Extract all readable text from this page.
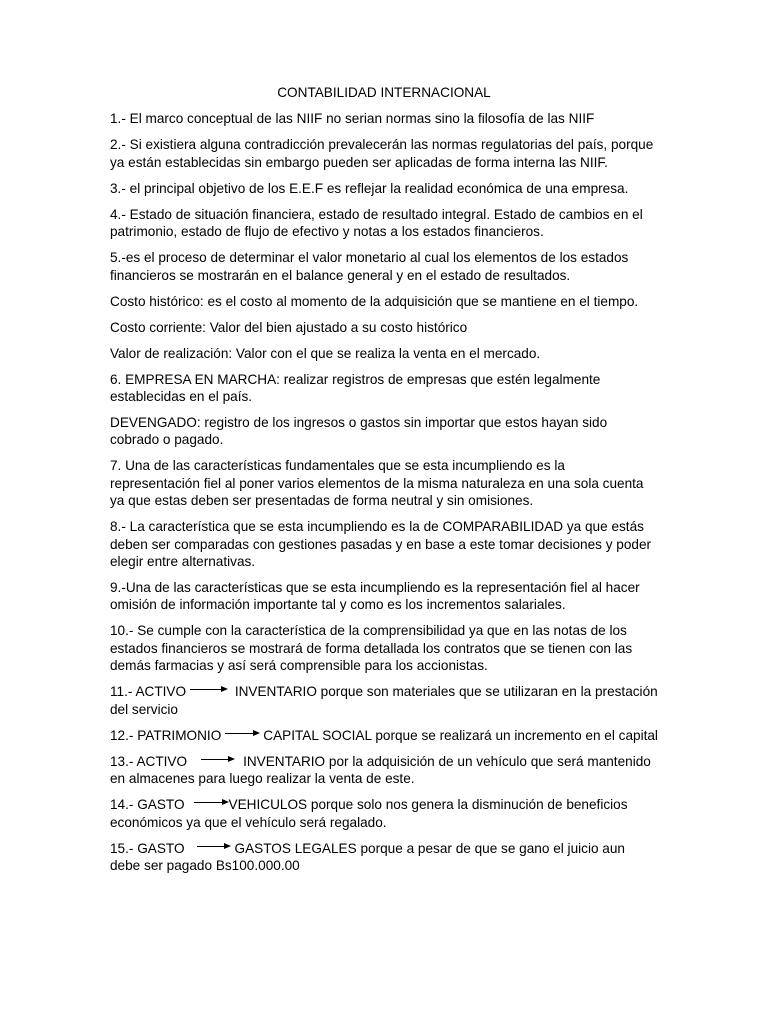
CONTABILIDAD INTERNACIONAL
1.- El marco conceptual de las NIIF no serian normas sino la filosofía de las NIIF
2.- Si existiera alguna contradicción prevalecerán las normas regulatorias del país, porque ya están establecidas sin embargo pueden ser aplicadas de forma interna las NIIF.
3.- el principal objetivo de los E.E.F es reflejar la realidad económica de una empresa.
4.- Estado de situación financiera, estado de resultado integral. Estado de cambios en el patrimonio, estado de flujo de efectivo y notas a los estados financieros.
5.-es el proceso de determinar el valor monetario al cual los elementos de los estados financieros se mostrarán en el balance general y en el estado de resultados.
Costo histórico: es el costo al momento de la adquisición que se mantiene en el tiempo.
Costo corriente: Valor del bien ajustado a su costo histórico
Valor de realización: Valor con el que se realiza la venta en el mercado.
6. EMPRESA EN MARCHA: realizar registros de empresas que estén legalmente establecidas en el país.
DEVENGADO: registro de los ingresos o gastos sin importar que estos hayan sido cobrado o pagado.
7. Una de las características fundamentales que se esta incumpliendo es la representación fiel al poner varios elementos de la misma naturaleza en una sola cuenta ya que estas deben ser presentadas de forma neutral y sin omisiones.
8.- La característica que se esta incumpliendo es la de COMPARABILIDAD ya que estás deben ser comparadas con gestiones pasadas y en base a este tomar decisiones y poder elegir entre alternativas.
9.-Una de las características que se esta incumpliendo es la representación fiel al hacer omisión de información importante tal y como es los incrementos salariales.
10.- Se cumple con la característica de la comprensibilidad ya que en las notas de los estados financieros se mostrará de forma detallada los contratos que se tienen con las demás farmacias y así será comprensible para los accionistas.
11.- ACTIVO	INVENTARIO porque son materiales que se utilizaran en la prestación del servicio
12.- PATRIMONIO	CAPITAL SOCIAL porque se realizará un incremento en el capital
13.- ACTIVO	INVENTARIO por la adquisición de un vehículo que será mantenido en almacenes para luego realizar la venta de este.
14.- GASTO	VEHICULOS porque solo nos genera la disminución de beneficios económicos ya que el vehículo será regalado.
15.- GASTO	GASTOS LEGALES porque a pesar de que se gano el juicio aun debe ser pagado Bs100.000.00
